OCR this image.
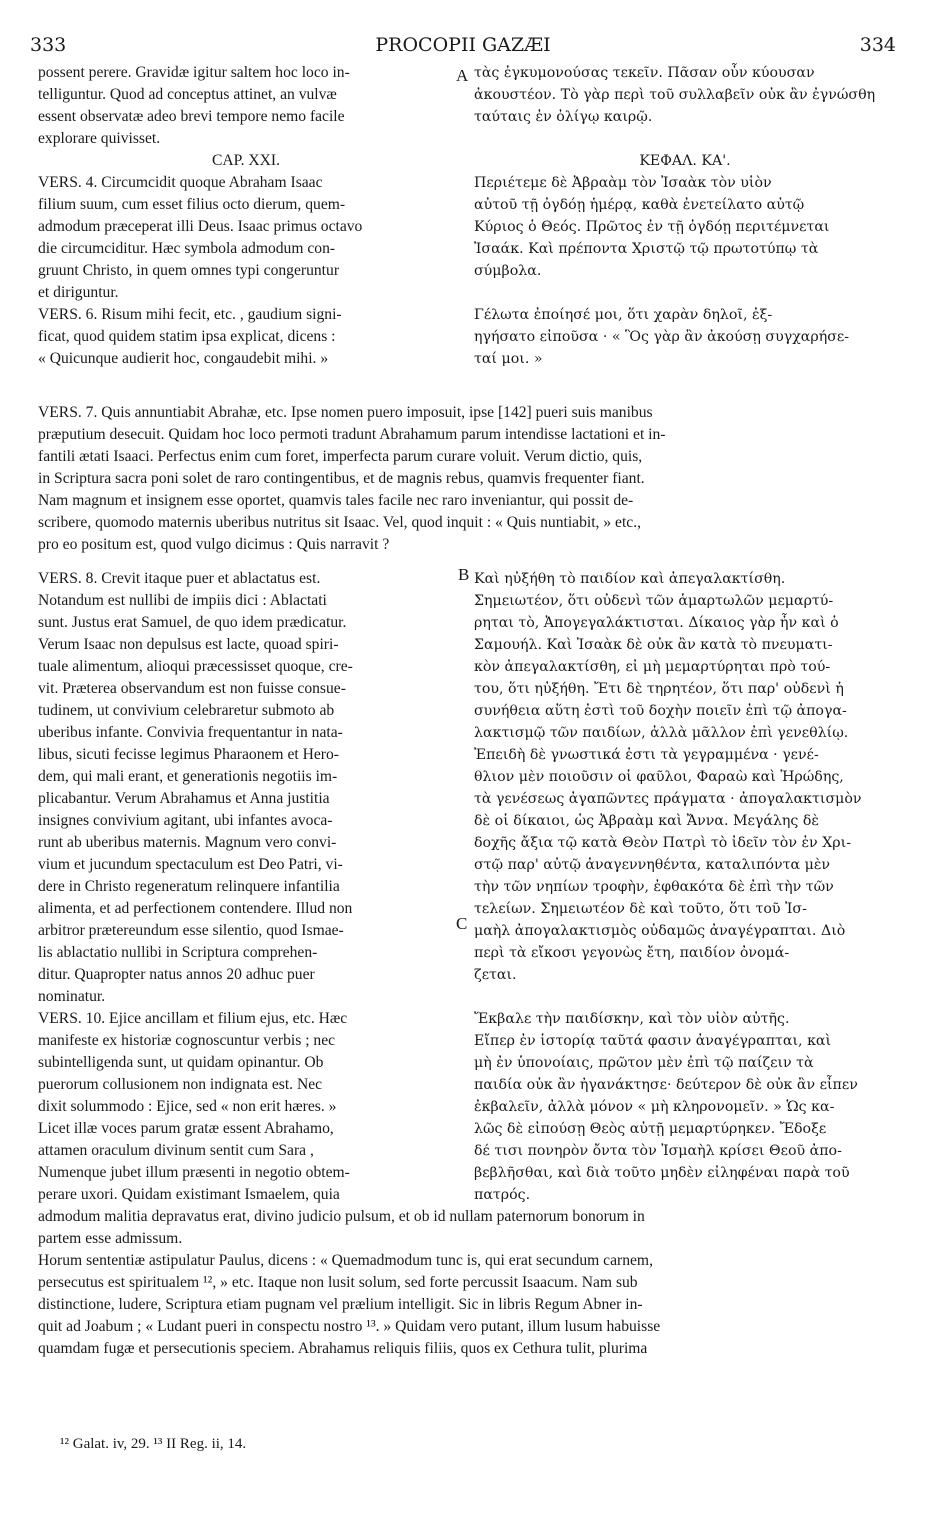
333	PROCOPII GAZÆI	334
A
B
C
possent perere. Gravidæ igitur saltem hoc loco in-
telliguntur. Quod ad conceptus attinet, an vulvæ
essent observatæ adeo brevi tempore nemo facile
explorare quivisset.
CAP. XXI.
VERS. 4. Circumcidit quoque Abraham Isaac
filium suum, cum esset filius octo dierum, quem-
admodum præceperat illi Deus. Isaac primus octavo
die circumciditur. Hæc symbola admodum con-
gruunt Christo, in quem omnes typi congeruntur
et diriguntur.
VERS. 6. Risum mihi fecit, etc. , gaudium signi-
ficat, quod quidem statim ipsa explicat, dicens :
« Quicunque audierit hoc, congaudebit mihi. »
τὰς ἐγκυμονούσας τεκεῖν. Πᾶσαν οὖν κύουσαν
ἀκουστέον. Τὸ γὰρ περὶ τοῦ συλλαβεῖν οὐκ ἂν ἐγνώσθη
ταύταις ἐν ὀλίγῳ καιρῷ.
ΚΕΦΑΛ. ΚΑ'.
Περιέτεμε δὲ Ἀβραὰμ τὸν Ἰσαὰκ τὸν υἱὸν
αὐτοῦ τῇ ὀγδόῃ ἡμέρᾳ, καθὰ ἐνετείλατο αὐτῷ
Κύριος ὁ Θεός. Πρῶτος ἐν τῇ ὀγδόῃ περιτέμνεται
Ἰσαάκ. Καὶ πρέποντα Χριστῷ τῷ πρωτοτύπῳ τὰ
σύμβολα.
Γέλωτα ἐποίησέ μοι, ὅτι χαρὰν δηλοῖ, ἐξ-
ηγήσατο εἰποῦσα · « Ὃς γὰρ ἂν ἀκούσῃ συγχαρήσε-
ταί μοι. »
VERS. 7. Quis annuntiabit Abrahæ, etc. Ipse nomen puero imposuit, ipse [142] pueri suis manibus
præputium desecuit. Quidam hoc loco permoti tradunt Abrahamum parum intendisse lactationi et in-
fantili ætati Isaaci. Perfectus enim cum foret, imperfecta parum curare voluit. Verum dictio, quis,
in Scriptura sacra poni solet de raro contingentibus, et de magnis rebus, quamvis frequenter fiant.
Nam magnum et insignem esse oportet, quamvis tales facile nec raro inveniantur, qui possit de-
scribere, quomodo maternis uberibus nutritus sit Isaac. Vel, quod inquit : « Quis nuntiabit, » etc.,
pro eo positum est, quod vulgo dicimus : Quis narravit ?
VERS. 8. Crevit itaque puer et ablactatus est.
Notandum est nullibi de impiis dici : Ablactati
sunt. Justus erat Samuel, de quo idem prædicatur.
Verum Isaac non depulsus est lacte, quoad spiri-
tuale alimentum, alioqui præcessisset quoque, cre-
vit. Præterea observandum est non fuisse consue-
tudinem, ut convivium celebraretur submoto ab
uberibus infante. Convivia frequentantur in nata-
libus, sicuti fecisse legimus Pharaonem et Hero-
dem, qui mali erant, et generationis negotiis im-
plicabantur. Verum Abrahamus et Anna justitia
insignes convivium agitant, ubi infantes avoca-
runt ab uberibus maternis. Magnum vero convi-
vium et jucundum spectaculum est Deo Patri, vi-
dere in Christo regeneratum relinquere infantilia
alimenta, et ad perfectionem contendere. Illud non
arbitror prætereundum esse silentio, quod Ismae-
lis ablactatio nullibi in Scriptura comprehen-
ditur. Quapropter natus annos 20 adhuc puer
nominatur.
VERS. 10. Ejice ancillam et filium ejus, etc. Hæc
manifeste ex historiæ cognoscuntur verbis ; nec
subintelligenda sunt, ut quidam opinantur. Ob
puerorum collusionem non indignata est. Nec
dixit solummodo : Ejice, sed « non erit hæres. »
Licet illæ voces parum gratæ essent Abrahamo,
attamen oraculum divinum sentit cum Sara ,
Numenque jubet illum præsenti in negotio obtem-
perare uxori. Quidam existimant Ismaelem, quia
Καὶ ηὐξήθη τὸ παιδίον καὶ ἀπεγαλακτίσθη.
Σημειωτέον, ὅτι οὐδενὶ τῶν ἁμαρτωλῶν μεμαρτύ-
ρηται τὸ, Ἀπογεγαλάκτισται. Δίκαιος γὰρ ἦν καὶ ὁ
Σαμουήλ. Καὶ Ἰσαὰκ δὲ οὐκ ἂν κατὰ τὸ πνευματι-
κὸν ἀπεγαλακτίσθη, εἰ μὴ μεμαρτύρηται πρὸ τού-
του, ὅτι ηὐξήθη. Ἔτι δὲ τηρητέον, ὅτι παρ' οὐδενὶ ἡ
συνήθεια αὕτη ἐστὶ τοῦ δοχὴν ποιεῖν ἐπὶ τῷ ἀπογα-
λακτισμῷ τῶν παιδίων, ἀλλὰ μᾶλλον ἐπὶ γενεθλίῳ.
Ἐπειδὴ δὲ γνωστικά ἐστι τὰ γεγραμμένα · γενέ-
θλιον μὲν ποιοῦσιν οἱ φαῦλοι, Φαραὼ καὶ Ἡρώδης,
τὰ γενέσεως ἀγαπῶντες πράγματα · ἀπογαλακτισμὸν
δὲ οἱ δίκαιοι, ὡς Ἀβραὰμ καὶ Ἄννα. Μεγάλης δὲ
δοχῆς ἄξια τῷ κατὰ Θεὸν Πατρὶ τὸ ἰδεῖν τὸν ἐν Χρι-
στῷ παρ' αὐτῷ ἀναγεννηθέντα, καταλιπόντα μὲν
τὴν τῶν νηπίων τροφὴν, ἐφθακότα δὲ ἐπὶ τὴν τῶν
τελείων. Σημειωτέον δὲ καὶ τοῦτο, ὅτι τοῦ Ἰσ-
μαὴλ ἀπογαλακτισμὸς οὐδαμῶς ἀναγέγραπται. Διὸ
περὶ τὰ εἴκοσι γεγονὼς ἔτη, παιδίον ὀνομά-
ζεται.
Ἔκβαλε τὴν παιδίσκην, καὶ τὸν υἱὸν αὐτῆς.
Εἴπερ ἐν ἱστορίᾳ ταῦτά φασιν ἀναγέγραπται, καὶ
μὴ ἐν ὑπονοίαις, πρῶτον μὲν ἐπὶ τῷ παίζειν τὰ
παιδία οὐκ ἂν ἠγανάκτησε· δεύτερον δὲ οὐκ ἂν εἶπεν
ἐκβαλεῖν, ἀλλὰ μόνον « μὴ κληρονομεῖν. » Ὡς κα-
λῶς δὲ εἰπούσῃ Θεὸς αὐτῇ μεμαρτύρηκεν. Ἔδοξε
δέ τισι πονηρὸν ὄντα τὸν Ἰσμαὴλ κρίσει Θεοῦ ἀπο-
βεβλῆσθαι, καὶ διὰ τοῦτο μηδὲν εἰληφέναι παρὰ τοῦ
πατρός.
admodum malitia depravatus erat, divino judicio pulsum, et ob id nullam paternorum bonorum in
partem esse admissum.
Horum sententiæ astipulatur Paulus, dicens : « Quemadmodum tunc is, qui erat secundum carnem,
persecutus est spiritualem ¹², » etc. Itaque non lusit solum, sed forte percussit Isaacum. Nam sub
distinctione, ludere, Scriptura etiam pugnam vel prælium intelligit. Sic in libris Regum Abner in-
quit ad Joabum ; « Ludant pueri in conspectu nostro ¹³. » Quidam vero putant, illum lusum habuisse
quamdam fugæ et persecutionis speciem. Abrahamus reliquis filiis, quos ex Cethura tulit, plurima
¹² Galat. iv, 29. ¹³ II Reg. ii, 14.
